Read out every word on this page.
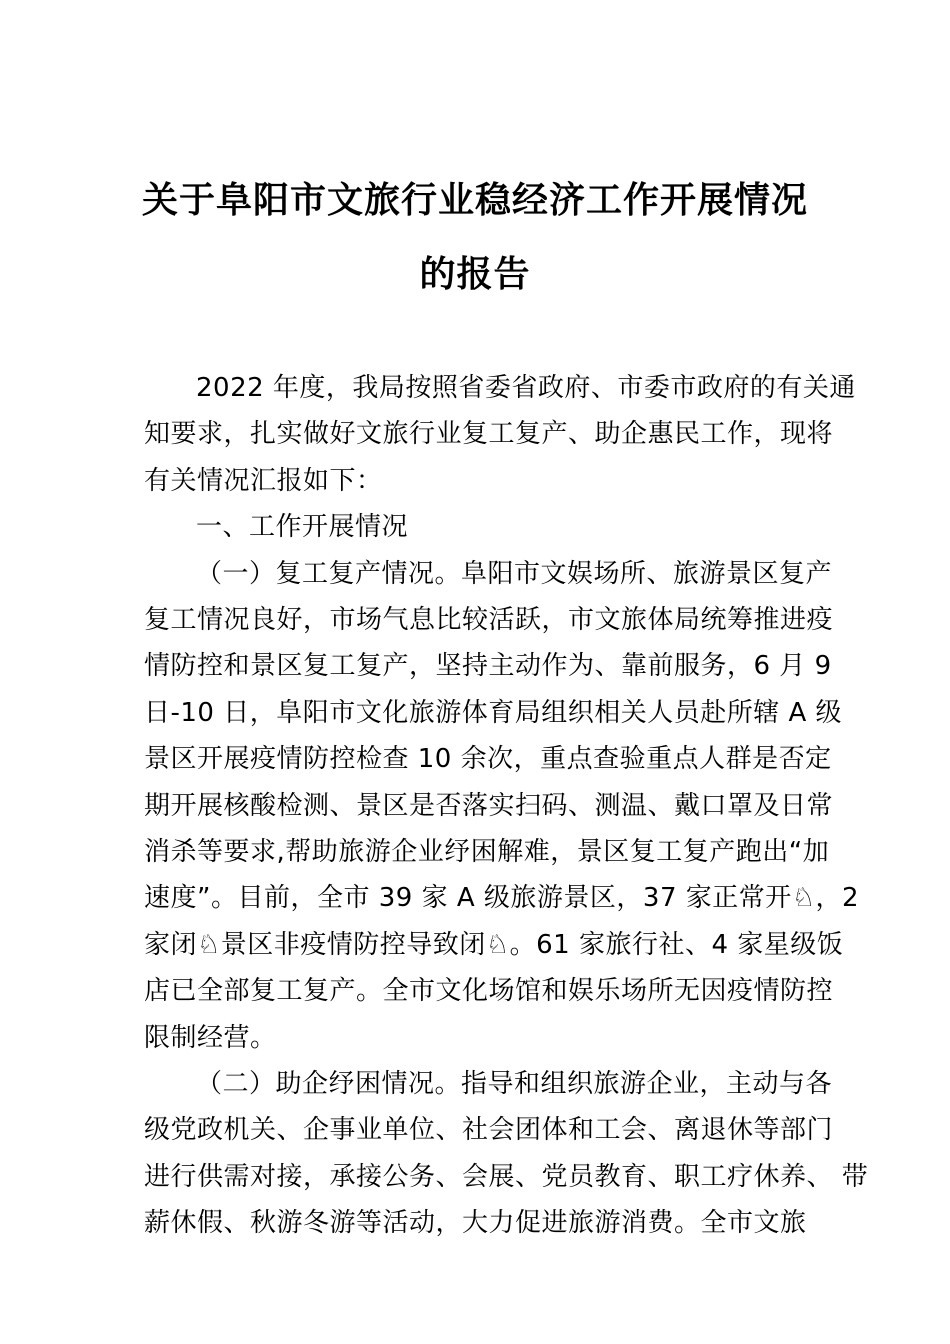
关于阜阳市文旅行业稳经济工作开展情况
的报告
2022 年度，我局按照省委省政府、市委市政府的有关通
知要求，扎实做好文旅行业复工复产、助企惠民工作，现将
有关情况汇报如下：
一、工作开展情况
（一）复工复产情况。阜阳市文娱场所、旅游景区复产
复工情况良好，市场气息比较活跃，市文旅体局统筹推进疫
情防控和景区复工复产，坚持主动作为、靠前服务，6 月 9
日-10 日，阜阳市文化旅游体育局组织相关人员赴所辖 A 级
景区开展疫情防控检查 10 余次，重点查验重点人群是否定
期开展核酸检测、景区是否落实扫码、测温、戴口罩及日常
消杀等要求,帮助旅游企业纾困解难，景区复工复产跑出“加
速度”。目前，全市 39 家 A 级旅游景区，37 家正常开♘，2
家闭♘景区非疫情防控导致闭♘。61 家旅行社、4 家星级饭
店已全部复工复产。全市文化场馆和娱乐场所无因疫情防控
限制经营。
（二）助企纾困情况。指导和组织旅游企业，主动与各
级党政机关、企事业单位、社会团体和工会、离退休等部门
进行供需对接，承接公务、会展、党员教育、职工疗休养、 带
薪休假、秋游冬游等活动，大力促进旅游消费。全市文旅
